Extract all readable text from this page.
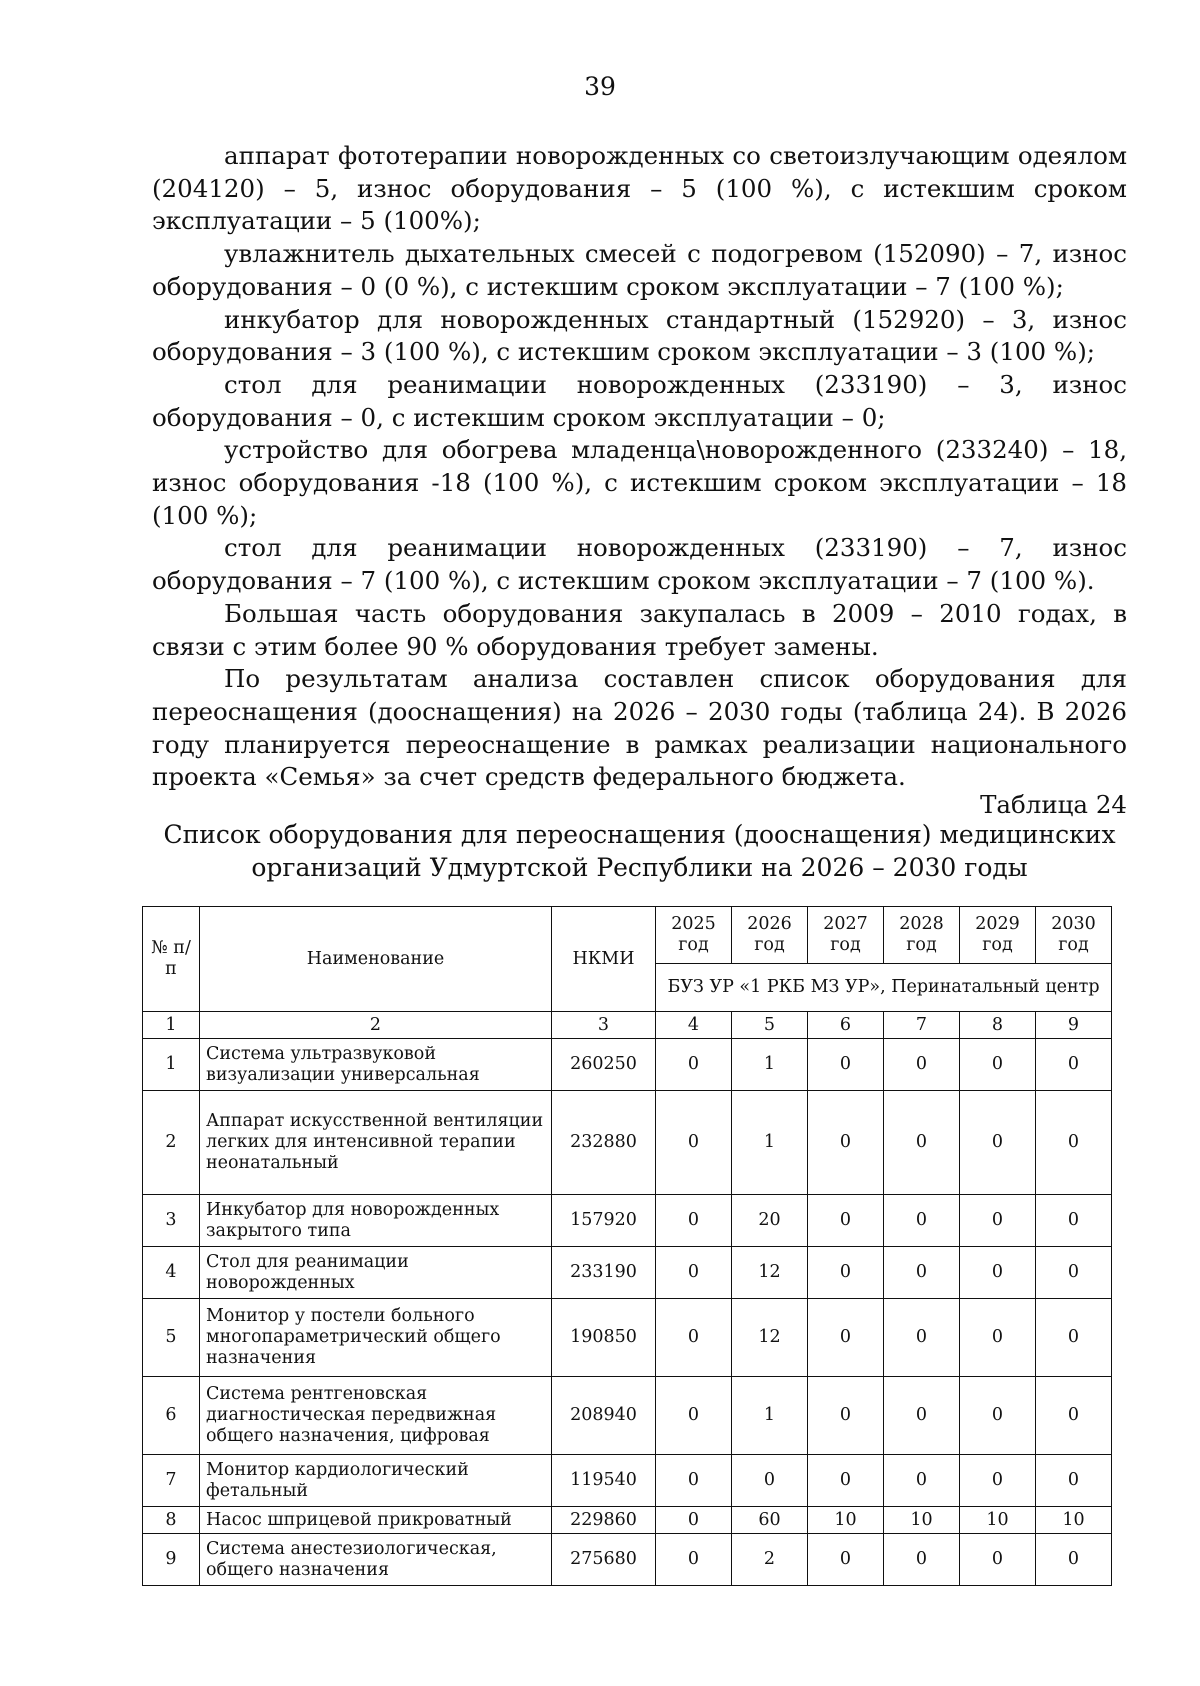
39

аппарат фототерапии новорожденных со светоизлучающим одеялом (204120) – 5, износ оборудования – 5 (100 %), с истекшим сроком эксплуатации – 5 (100%);

увлажнитель дыхательных смесей с подогревом (152090) – 7, износ оборудования – 0 (0 %), с истекшим сроком эксплуатации – 7 (100 %);

инкубатор для новорожденных стандартный (152920) – 3, износ оборудования – 3 (100 %), с истекшим сроком эксплуатации – 3 (100 %);

стол для реанимации новорожденных (233190) – 3, износ оборудования – 0, с истекшим сроком эксплуатации – 0;

устройство для обогрева младенца\новорожденного (233240) – 18, износ оборудования -18 (100 %), с истекшим сроком эксплуатации – 18 (100 %);

стол для реанимации новорожденных (233190) – 7, износ оборудования – 7 (100 %), с истекшим сроком эксплуатации – 7 (100 %).

Большая часть оборудования закупалась в 2009 – 2010 годах, в связи с этим более 90 % оборудования требует замены.

По результатам анализа составлен список оборудования для переоснащения (дооснащения) на 2026 – 2030 годы (таблица 24). В 2026 году планируется переоснащение в рамках реализации национального проекта «Семья» за счет средств федерального бюджета.

Таблица 24
Список оборудования для переоснащения (дооснащения) медицинских
организаций Удмуртской Республики на 2026 – 2030 годы
№ п/п	Наименование	НКМИ	2025 год	2026 год	2027 год	2028 год	2029 год	2030 год
			БУЗ УР «1 РКБ МЗ УР», Перинатальный центр					
1	2	3	4	5	6	7	8	9
1	Система ультразвуковой визуализации универсальная	260250	0	1	0	0	0	0
2	Аппарат искусственной вентиляции легких для интенсивной терапии неонатальный	232880	0	1	0	0	0	0
3	Инкубатор для новорожденных закрытого типа	157920	0	20	0	0	0	0
4	Стол для реанимации новорожденных	233190	0	12	0	0	0	0
5	Монитор у постели больного многопараметрический общего назначения	190850	0	12	0	0	0	0
6	Система рентгеновская диагностическая передвижная общего назначения, цифровая	208940	0	1	0	0	0	0
7	Монитор кардиологический фетальный	119540	0	0	0	0	0	0
8	Насос шприцевой прикроватный	229860	0	60	10	10	10	10
9	Система анестезиологическая, общего назначения	275680	0	2	0	0	0	0
